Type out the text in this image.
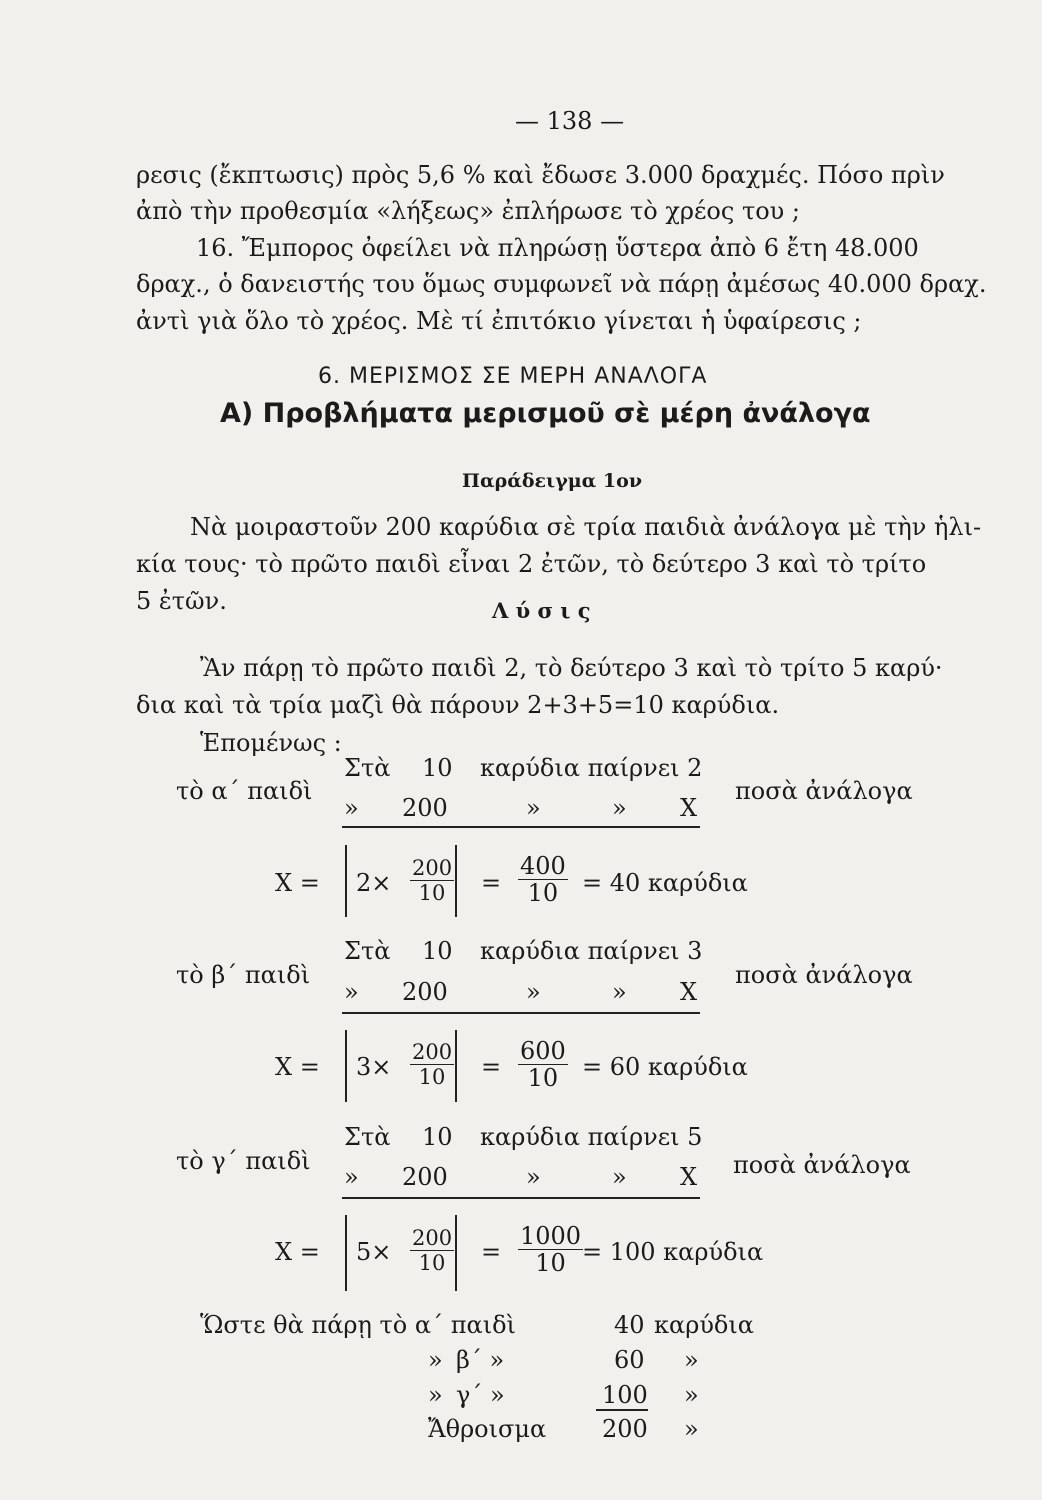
— 138 —
ρεσις (ἔκπτωσις) πρὸς 5,6 % καὶ ἔδωσε 3.000 δραχμές. Πόσο πρὶν
ἀπὸ τὴν προθεσμία «λήξεως» ἐπλήρωσε τὸ χρέος του ;
16. Ἔμπορος ὀφείλει νὰ πληρώσῃ ὕστερα ἀπὸ 6 ἔτη 48.000
δραχ., ὁ δανειστής του ὅμως συμφωνεῖ νὰ πάρῃ ἀμέσως 40.000 δραχ.
ἀντὶ γιὰ ὅλο τὸ χρέος. Μὲ τί ἐπιτόκιο γίνεται ἡ ὑφαίρεσις ;
6. ΜΕΡΙΣΜΟΣ ΣΕ ΜΕΡΗ ΑΝΑΛΟΓΑ
Α) Προβλήματα μερισμοῦ σὲ μέρη ἀνάλογα
Παράδειγμα 1ον
Νὰ μοιραστοῦν 200 καρύδια σὲ τρία παιδιὰ ἀνάλογα μὲ τὴν ἡλι-
κία τους· τὸ πρῶτο παιδὶ εἶναι 2 ἐτῶν, τὸ δεύτερο 3 καὶ τὸ τρίτο
5 ἐτῶν.	Λ ύ σ ι ς
Ἂν πάρῃ τὸ πρῶτο παιδὶ 2, τὸ δεύτερο 3 καὶ τὸ τρίτο 5 καρύ·
δια καὶ τὰ τρία μαζὶ θὰ πάρουν 2+3+5=10 καρύδια.
Ἑπομένως :
Στὰ 10 καρύδια παίρνει 2
τὸ α΄ παιδὶ	ποσὰ ἀνάλογα
» 200	»	» X
$X = 2\times \frac{200}{10} = \frac{400}{10} = 40$ καρύδια
Στὰ 10 καρύδια παίρνει 3
τὸ β΄ παιδὶ	ποσὰ ἀνάλογα
» 200	»	» X
$X = 3\times \frac{200}{10} = \frac{600}{10} = 60$ καρύδια
Στὰ 10 καρύδια παίρνει 5
τὸ γ΄ παιδὶ	ποσὰ ἀνάλογα
» 200	»	» X
$X = 5\times \frac{200}{10} = \frac{1000}{10}$
= 100 καρύδια
Ὥστε θὰ πάρῃ τὸ α΄ παιδὶ	40 καρύδια
» β΄ »	60 »
» γ΄ »	100 »
Ἄθροισμα 200 »
